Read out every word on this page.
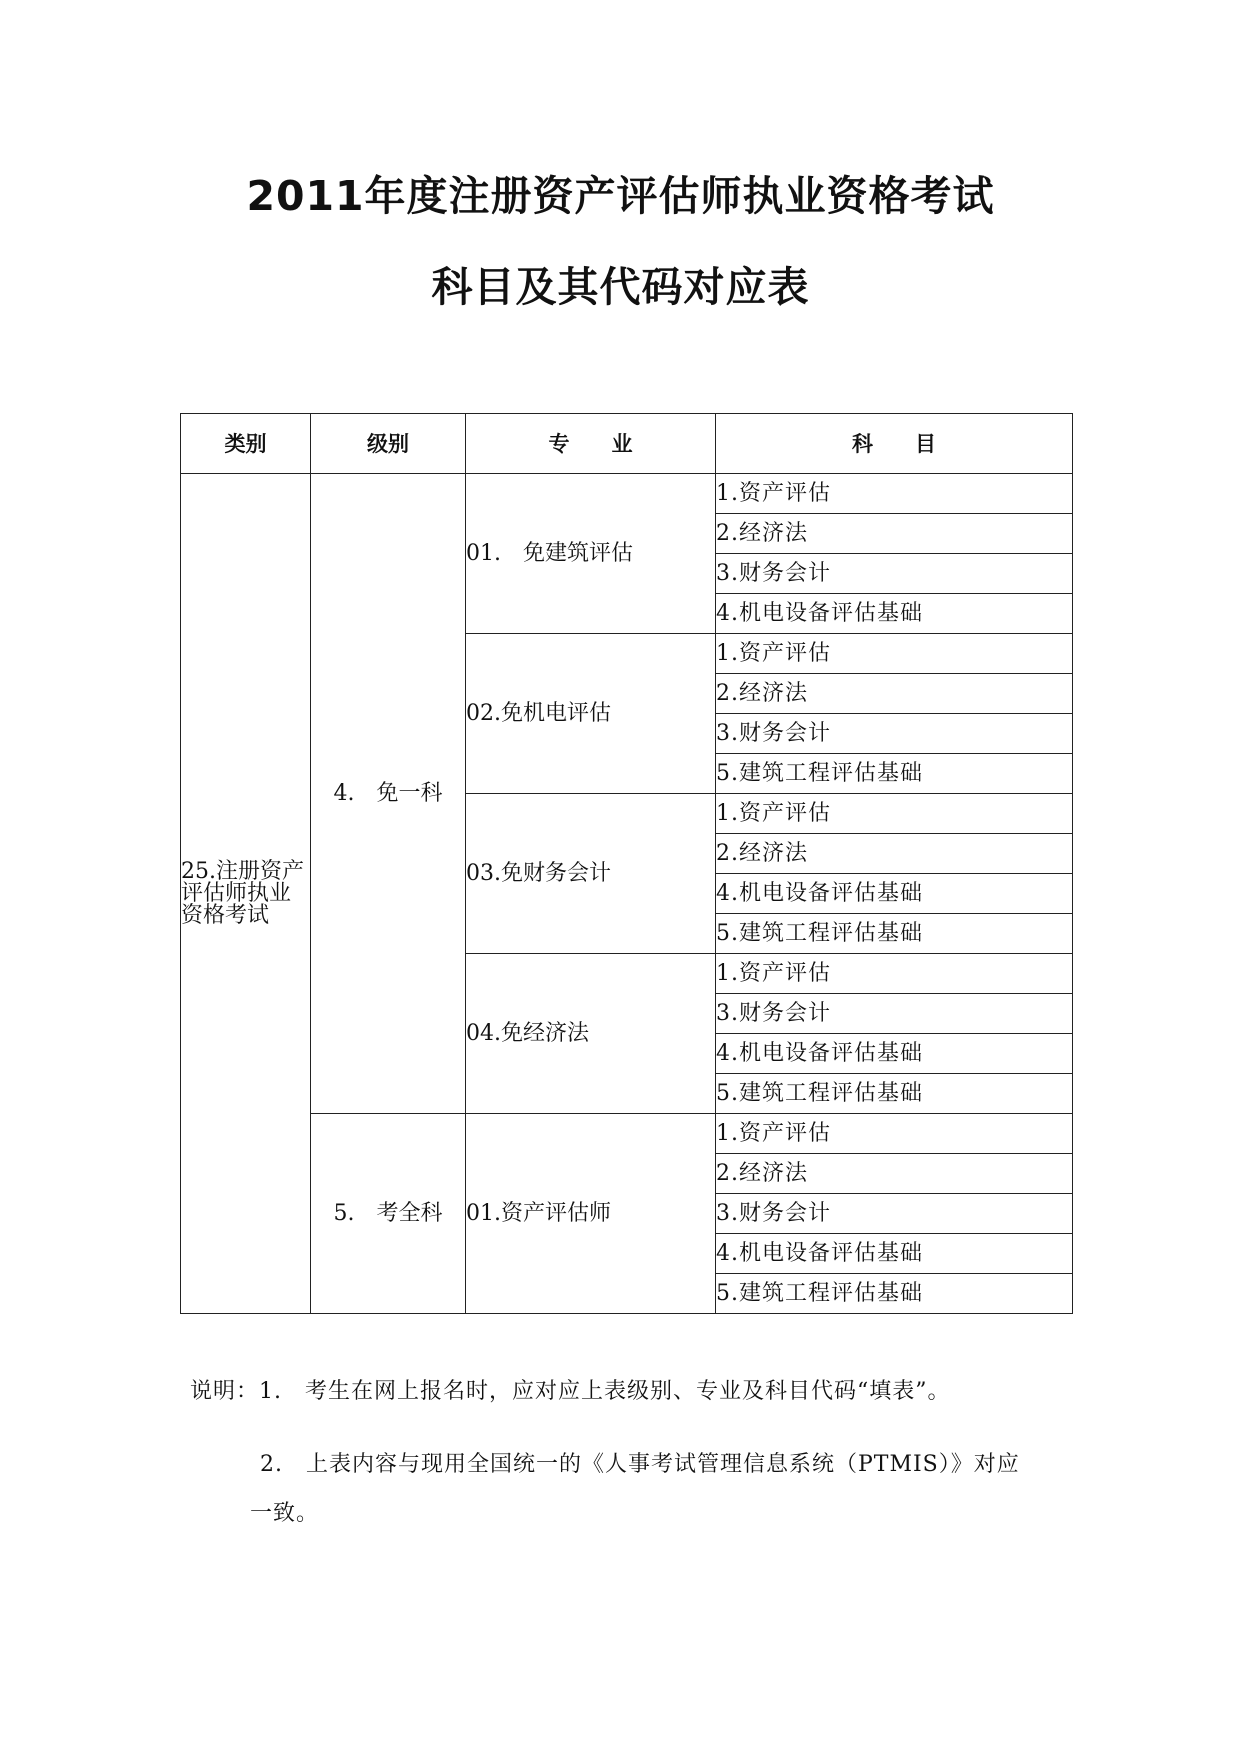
2011年度注册资产评估师执业资格考试
科目及其代码对应表
类别	级别	专　　业	科　　目
25.注册资产评估师执业资格考试	4.　免一科	01.　免建筑评估	1.资产评估
			2.经济法
			3.财务会计
			4.机电设备评估基础
		02.免机电评估	1.资产评估
			2.经济法
			3.财务会计
			5.建筑工程评估基础
		03.免财务会计	1.资产评估
			2.经济法
			4.机电设备评估基础
			5.建筑工程评估基础
		04.免经济法	1.资产评估
			3.财务会计
			4.机电设备评估基础
			5.建筑工程评估基础
	5.　考全科	01.资产评估师	1.资产评估
			2.经济法
			3.财务会计
			4.机电设备评估基础
			5.建筑工程评估基础
说明：1.　考生在网上报名时，应对应上表级别、专业及科目代码“填表”。
2.　上表内容与现用全国统一的《人事考试管理信息系统（PTMIS）》对应
一致。
